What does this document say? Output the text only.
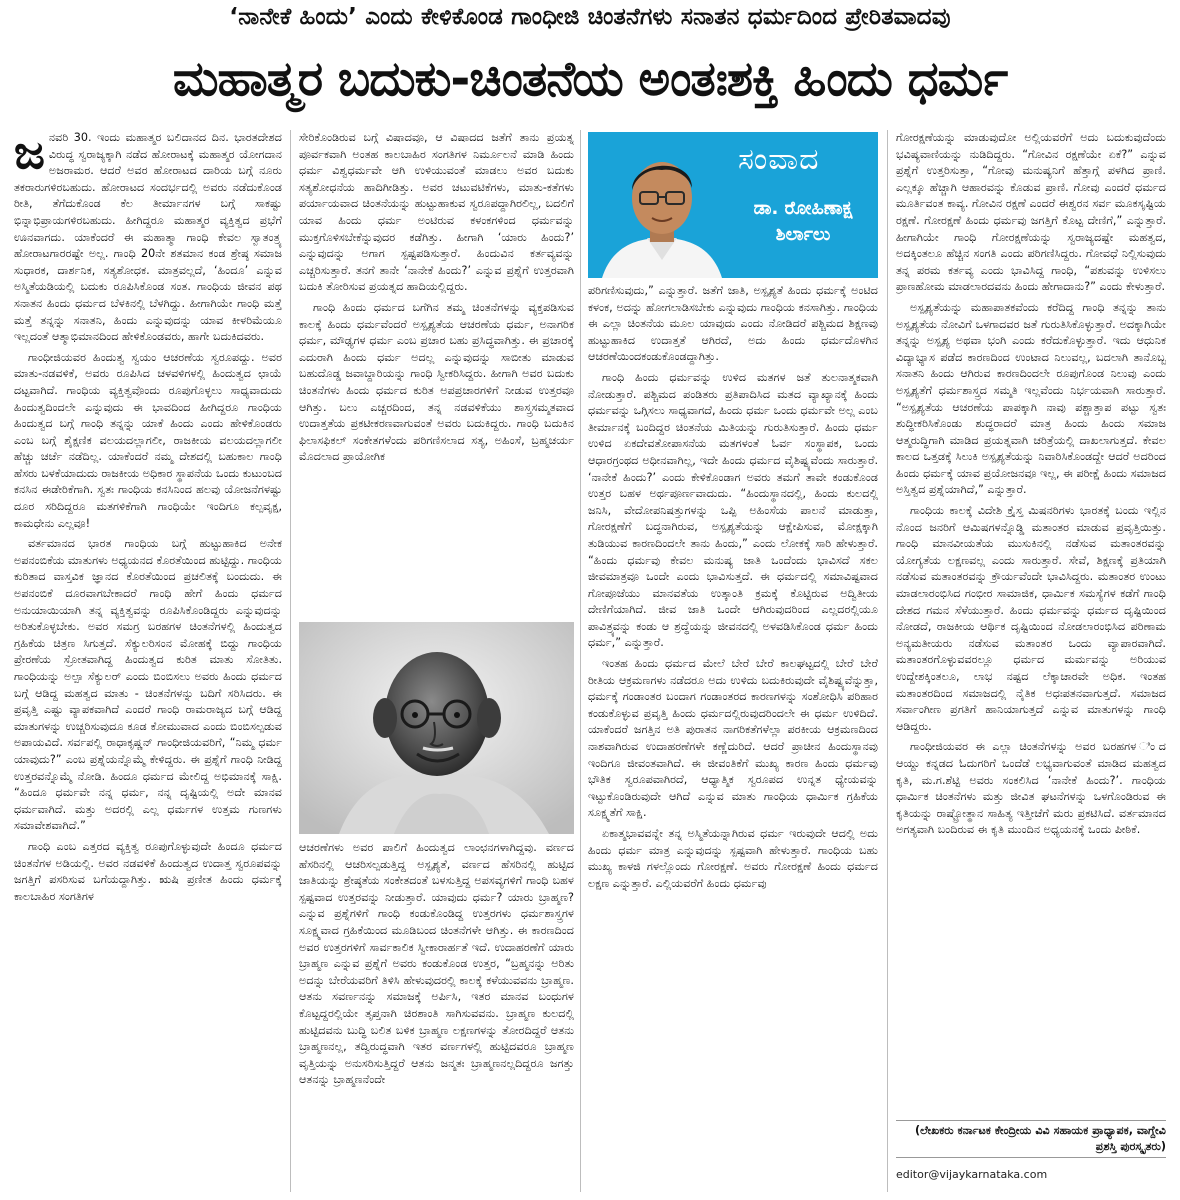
‘ನಾನೇಕೆ ಹಿಂದು’ ಎಂದು ಕೇಳಿಕೊಂಡ ಗಾಂಧೀಜಿ ಚಿಂತನೆಗಳು ಸನಾತನ ಧರ್ಮದಿಂದ ಪ್ರೇರಿತವಾದವು
ಮಹಾತ್ಮರ ಬದುಕು-ಚಿಂತನೆಯ ಅಂತಃಶಕ್ತಿ ಹಿಂದು ಧರ್ಮ
ಜ ನವರಿ 30. ಇಂದು ಮಹಾತ್ಮರ ಬಲಿದಾನದ ದಿನ. ಭಾರತದೇಶದ ವಿರುದ್ಧ ಸ್ವರಾಜ್ಯಕ್ಕಾಗಿ ನಡೆದ ಹೋರಾಟಕ್ಕೆ ಮಹಾತ್ಮರ ಯೋಗದಾನ ಅಜರಾಮರ. ಆದರೆ ಅವರ ಹೋರಾಟದ ದಾರಿಯ ಬಗ್ಗೆ ನೂರು ತಕರಾರುಗಳಿರಬಹುದು. ಹೋರಾಟದ ಸಂದರ್ಭದಲ್ಲಿ ಅವರು ನಡೆದುಕೊಂಡ ರೀತಿ, ತೆಗೆದುಕೊಂಡ ಕೆಲ ತೀರ್ಮಾನಗಳ ಬಗ್ಗೆ ಸಾಕಷ್ಟು ಭಿನ್ನಾಭಿಪ್ರಾಯಗಳಿರಬಹುದು. ಹೀಗಿದ್ದರೂ ಮಹಾತ್ಮರ ವ್ಯಕ್ತಿತ್ವದ ಪ್ರಭೆಗೆ ಊನವಾಗದು. ಯಾಕೆಂದರೆ ಈ ಮಹಾತ್ಮಾ ಗಾಂಧಿ ಕೇವಲ ಸ್ವಾತಂತ್ರ್ಯ ಹೋರಾಟಗಾರರಷ್ಟೇ ಅಲ್ಲ. ಗಾಂಧಿ 20ನೇ ಶತಮಾನ ಕಂಡ ಶ್ರೇಷ್ಠ ಸಮಾಜ ಸುಧಾರಕ, ದಾರ್ಶನಿಕ, ಸತ್ಯಶೋಧಕ. ಮಾತ್ರವಲ್ಲದೆ, ‘ಹಿಂದೂ’ ಎನ್ನುವ ಅಸ್ಮಿತೆಯಡಿಯಲ್ಲಿ ಬದುಕು ರೂಪಿಸಿಕೊಂಡ ಸಂತ. ಗಾಂಧಿಯ ಜೀವನ ಪಥ ಸನಾತನ ಹಿಂದು ಧರ್ಮದ ಬೆಳಕಿನಲ್ಲಿ ಬೆಳಗಿದ್ದು. ಹೀಗಾಗಿಯೇ ಗಾಂಧಿ ಮತ್ತೆ ಮತ್ತೆ ತನ್ನನ್ನು ಸನಾತನಿ, ಹಿಂದು ಎನ್ನುವುದನ್ನು ಯಾವ ಕೀಳರಿಮೆಯೂ ಇಲ್ಲದಂತೆ ಆತ್ಮಾಭಿಮಾನದಿಂದ ಹೇಳಿಕೊಂಡವರು, ಹಾಗೇ ಬದುಕಿದವರು.

ಗಾಂಧೀಜಿಯವರ ಹಿಂದುತ್ವ ಸ್ವಯಂ ಆಚರಣೆಯ ಸ್ವರೂಪದ್ದು. ಅವರ ಮಾತು-ನಡವಳಿಕೆ, ಅವರು ರೂಪಿಸಿದ ಚಳವಳಿಗಳಲ್ಲಿ ಹಿಂದುತ್ವದ ಛಾಯೆ ದಟ್ಟವಾಗಿದೆ. ಗಾಂಧಿಯ ವ್ಯಕ್ತಿತ್ವವೊಂದು ರೂಪುಗೊಳ್ಳಲು ಸಾಧ್ಯವಾದುದು ಹಿಂದುತ್ವದಿಂದಲೇ ಎನ್ನುವುದು ಈ ಭಾವದಿಂದ ಹೀಗಿದ್ದರೂ ಗಾಂಧಿಯ ಹಿಂದುತ್ವದ ಬಗ್ಗೆ ಗಾಂಧಿ ತನ್ನನ್ನು ಯಾಕೆ ಹಿಂದು ಎಂದು ಹೇಳಿಕೊಂಡರು ಎಂಬ ಬಗ್ಗೆ ಶೈಕ್ಷಣಿಕ ವಲಯದಲ್ಲಾಗಲೀ, ರಾಜಕೀಯ ವಲಯದಲ್ಲಾಗಲೀ ಹೆಚ್ಚು ಚರ್ಚೆ ನಡೆದಿಲ್ಲ. ಯಾಕೆಂದರೆ ನಮ್ಮ ದೇಶದಲ್ಲಿ ಬಹುಕಾಲ ಗಾಂಧಿ ಹೆಸರು ಬಳಕೆಯಾದುದು ರಾಜಕೀಯ ಅಧಿಕಾರ ಸ್ಥಾಪನೆಯ ಒಂದು ಕುಟುಂಬದ ಕನಸಿನ ಈಡೇರಿಕೆಗಾಗಿ. ಸ್ವತಃ ಗಾಂಧಿಯ ಕನಸಿನಿಂದ ಹಲವು ಯೋಜನೆಗಳಷ್ಟು ದೂರ ಸರಿದಿದ್ದರೂ ಮತಗಳಿಕೆಗಾಗಿ ಗಾಂಧಿಯೇ ಇಂದಿಗೂ ಕಲ್ಪವೃಕ್ಷ, ಕಾಮಧೇನು ಎಲ್ಲವೂ!

ವರ್ತಮಾನದ ಭಾರತ ಗಾಂಧಿಯ ಬಗ್ಗೆ ಹುಟ್ಟುಹಾಕಿದ ಅನೇಕ ಅಪನಂಬಿಕೆಯ ಮಾತುಗಳು ಅಧ್ಯಯನದ ಕೊರತೆಯಿಂದ ಹುಟ್ಟಿದ್ದು. ಗಾಂಧಿಯ ಕುರಿತಾದ ವಾಸ್ತವಿಕ ಜ್ಞಾನದ ಕೊರತೆಯಿಂದ ಪ್ರಚಲಿತಕ್ಕೆ ಬಂದುದು. ಈ ಅಪನಂಬಿಕೆ ದೂರವಾಗಬೇಕಾದರೆ ಗಾಂಧಿ ಹೇಗೆ ಹಿಂದು ಧರ್ಮದ ಅನುಯಾಯಿಯಾಗಿ ತನ್ನ ವ್ಯಕ್ತಿತ್ವವನ್ನು ರೂಪಿಸಿಕೊಂಡಿದ್ದರು ಎನ್ನುವುದನ್ನು ಅರಿತುಕೊಳ್ಳಬೇಕು. ಅವರ ಸಮಗ್ರ ಬರಹಗಳ ಚಿಂತನೆಗಳಲ್ಲಿ ಹಿಂದುತ್ವದ ಗ್ರಹಿಕೆಯ ಚಿತ್ರಣ ಸಿಗುತ್ತದೆ. ಸೆಕ್ಯುಲರಿಸಂನ ಮೋಹಕ್ಕೆ ಬಿದ್ದು ಗಾಂಧಿಯ ಪ್ರೇರಣೆಯ ಸ್ರೋತವಾಗಿದ್ದ ಹಿಂದುತ್ವದ ಕುರಿತ ಮಾತು ಸೋತಿತು. ಗಾಂಧಿಯನ್ನು ಅಲ್ಪಾ ಸೆಕ್ಯುಲರ್ ಎಂದು ಬಿಂಬಿಸಲು ಅವರು ಹಿಂದು ಧರ್ಮದ ಬಗ್ಗೆ ಆಡಿದ್ದ ಮಹತ್ವದ ಮಾತು - ಚಿಂತನೆಗಳನ್ನು ಬದಿಗೆ ಸರಿಸಿದರು. ಈ ಪ್ರವೃತ್ತಿ ಎಷ್ಟು ವ್ಯಾಪಕವಾಗಿದೆ ಎಂದರೆ ಗಾಂಧಿ ರಾಮರಾಜ್ಯದ ಬಗ್ಗೆ ಆಡಿದ್ದ ಮಾತುಗಳನ್ನು ಉಚ್ಚರಿಸುವುದೂ ಕೂಡ ಕೋಮುವಾದ ಎಂದು ಬಿಂಬಿಸಲ್ಪಡುವ ಅಪಾಯವಿದೆ. ಸರ್ವಪಲ್ಲಿ ರಾಧಾಕೃಷ್ಣನ್ ಗಾಂಧೀಜಿಯವರಿಗೆ, “ನಿಮ್ಮ ಧರ್ಮ ಯಾವುದು?” ಎಂಬ ಪ್ರಶ್ನೆಯನ್ನೊಮ್ಮೆ ಕೇಳಿದ್ದರು. ಈ ಪ್ರಶ್ನೆಗೆ ಗಾಂಧಿ ನೀಡಿದ್ದ ಉತ್ತರವನ್ನೊಮ್ಮೆ ನೋಡಿ. ಹಿಂದೂ ಧರ್ಮದ ಮೇಲಿದ್ದ ಅಭಿಮಾನಕ್ಕೆ ಸಾಕ್ಷಿ. “ಹಿಂದೂ ಧರ್ಮವೇ ನನ್ನ ಧರ್ಮ, ನನ್ನ ದೃಷ್ಟಿಯಲ್ಲಿ ಅದೇ ಮಾನವ ಧರ್ಮವಾಗಿದೆ. ಮತ್ತು ಅದರಲ್ಲಿ ಎಲ್ಲ ಧರ್ಮಗಳ ಉತ್ತಮ ಗುಣಗಳು ಸಮಾವೇಶವಾಗಿದೆ.”

ಗಾಂಧಿ ಎಂಬ ಎತ್ತರದ ವ್ಯಕ್ತಿತ್ವ ರೂಪುಗೊಳ್ಳುವುದೇ ಹಿಂದೂ ಧರ್ಮದ ಚಿಂತನೆಗಳ ಅಡಿಯಲ್ಲಿ. ಅವರ ನಡವಳಿಕೆ ಹಿಂದುತ್ವದ ಉದಾತ್ತ ಸ್ವರೂಪವನ್ನು ಜಗತ್ತಿಗೆ ಪಸರಿಸುವ ಬಗೆಯದ್ದಾಗಿತ್ತು. ಋಷಿ ಪ್ರಣೀತ ಹಿಂದು ಧರ್ಮಕ್ಕೆ ಕಾಲಬಾಹಿರ ಸಂಗತಿಗಳ

ಸೇರಿಕೊಂಡಿರುವ ಬಗ್ಗೆ ವಿಷಾದವೂ, ಆ ವಿಷಾದದ ಜತೆಗೆ ತಾನು ಪ್ರಯತ್ನ ಪೂರ್ವಕವಾಗಿ ಅಂತಹ ಕಾಲಬಾಹಿರ ಸಂಗತಿಗಳ ನಿರ್ಮೂಲನೆ ಮಾಡಿ ಹಿಂದು ಧರ್ಮ ವಿಶ್ವಧರ್ಮವೇ ಆಗಿ ಉಳಿಯುವಂತೆ ಮಾಡಲು ಅವರ ಬದುಕು ಸತ್ಯಶೋಧನೆಯ ಹಾದಿಗೀಡಿತ್ತು. ಅವರ ಚಟುವಟಿಕೆಗಳು, ಮಾತು-ಕತೆಗಳು ಪರ್ಯಾಯವಾದ ಚಿಂತನೆಯನ್ನು ಹುಟ್ಟುಹಾಕುವ ಸ್ವರೂಪದ್ದಾಗಿರಲಿಲ್ಲ, ಬದಲಿಗೆ ಯಾವ ಹಿಂದು ಧರ್ಮ ಅಂಟಿರುವ ಕಳಂಕಗಳಿಂದ ಧರ್ಮವನ್ನು ಮುಕ್ತಗೊಳಿಸಬೇಕೆನ್ನುವುದರ ಕಡೆಗಿತ್ತು. ಹೀಗಾಗಿ ‘ಯಾರು ಹಿಂದು?’ ಎನ್ನುವುದನ್ನು ಅಗಾಗ ಸ್ಪಷ್ಟಪಡಿಸುತ್ತಾರೆ. ಹಿಂದುವಿನ ಕರ್ತವ್ಯವನ್ನು ಎಚ್ಚರಿಸುತ್ತಾರೆ. ತನಗೆ ತಾನೇ ‘ನಾನೇಕೆ ಹಿಂದು?’ ಎನ್ನುವ ಪ್ರಶ್ನೆಗೆ ಉತ್ತರವಾಗಿ ಬದುಕಿ ತೋರಿಸುವ ಪ್ರಯತ್ನದ ಹಾದಿಯಲ್ಲಿದ್ದರು.

ಗಾಂಧಿ ಹಿಂದು ಧರ್ಮದ ಬಗೆಗಿನ ತಮ್ಮ ಚಿಂತನೆಗಳನ್ನು ವ್ಯಕ್ತಪಡಿಸುವ ಕಾಲಕ್ಕೆ ಹಿಂದು ಧರ್ಮವೆಂದರೆ ಅಸ್ಪೃಶ್ಯತೆಯ ಆಚರಣೆಯ ಧರ್ಮ, ಅನಾಗರಿಕ ಧರ್ಮ, ಮೌಢ್ಯಗಳ ಧರ್ಮ ಎಂಬ ಪ್ರಚಾರ ಬಹು ಪ್ರಸಿದ್ಧವಾಗಿತ್ತು. ಈ ಪ್ರಚಾರಕ್ಕೆ ಎದುರಾಗಿ ಹಿಂದು ಧರ್ಮ ಅದಲ್ಲ ಎನ್ನುವುದನ್ನು ಸಾಬೀತು ಮಾಡುವ ಬಹುದೊಡ್ಡ ಜವಾಬ್ದಾರಿಯನ್ನು ಗಾಂಧಿ ಸ್ವೀಕರಿಸಿದ್ದರು. ಹೀಗಾಗಿ ಅವರ ಬದುಕು ಚಿಂತನೆಗಳು ಹಿಂದು ಧರ್ಮದ ಕುರಿತ ಅಪಪ್ರಚಾರಗಳಿಗೆ ನೀಡುವ ಉತ್ತರವೂ ಆಗಿತ್ತು. ಬಲು ಎಚ್ಚರದಿಂದ, ತನ್ನ ನಡವಳಿಕೆಯು ಶಾಸ್ತ್ರಸಮ್ಮತವಾದ ಉದಾತ್ತತೆಯ ಪ್ರಕಟೀಕರಣವಾಗುವಂತೆ ಅವರು ಬದುಕಿದ್ದರು. ಗಾಂಧಿ ಬದುಕಿನ ಫಿಲಾಸಫಿಕಲ್ ಸಂಕೇತಗಳೆಂದು ಪರಿಗಣಿಸಲಾದ ಸತ್ಯ, ಅಹಿಂಸೆ, ಬ್ರಹ್ಮಚರ್ಯ ಮೊದಲಾದ ಪ್ರಾಯೋಗಿಕ

ಆಚರಣೆಗಳು ಅವರ ಪಾಲಿಗೆ ಹಿಂದುತ್ವದ ಲಾಂಛನಗಳಾಗಿದ್ದವು. ವರ್ಣದ ಹೆಸರಿನಲ್ಲಿ ಆಚರಿಸಲ್ಪಡುತ್ತಿದ್ದ ಅಸ್ಪೃಶ್ಯತೆ, ವರ್ಣದ ಹೆಸರಿನಲ್ಲಿ ಹುಟ್ಟಿದ ಜಾತಿಯನ್ನು ಶ್ರೇಷ್ಠತೆಯ ಸಂಕೇತದಂತೆ ಬಳಸುತ್ತಿದ್ದ ಅಪಸವ್ಯಗಳಿಗೆ ಗಾಂಧಿ ಬಹಳ ಸ್ಪಷ್ಟವಾದ ಉತ್ತರವನ್ನು ನೀಡುತ್ತಾರೆ. ಯಾವುದು ಧರ್ಮ? ಯಾರು ಬ್ರಾಹ್ಮಣ? ಎನ್ನುವ ಪ್ರಶ್ನೆಗಳಿಗೆ ಗಾಂಧಿ ಕಂಡುಕೊಂಡಿದ್ದ ಉತ್ತರಗಳು ಧರ್ಮಶಾಸ್ತ್ರಗಳ ಸೂಕ್ಷ್ಮವಾದ ಗ್ರಹಿಕೆಯಿಂದ ಮೂಡಿಬಂದ ಚಿಂತನೆಗಳೇ ಆಗಿತ್ತು. ಈ ಕಾರಣದಿಂದ ಅವರ ಉತ್ತರಗಳಿಗೆ ಸಾರ್ವಕಾಲಿಕ ಸ್ವೀಕಾರಾರ್ಹತೆ ಇದೆ. ಉದಾಹರಣೆಗೆ ಯಾರು ಬ್ರಾಹ್ಮಣ ಎನ್ನುವ ಪ್ರಶ್ನೆಗೆ ಅವರು ಕಂಡುಕೊಂಡ ಉತ್ತರ, “ಬ್ರಹ್ಮನನ್ನು ಅರಿತು ಅದನ್ನು ಬೇರೆಯವರಿಗೆ ತಿಳಿಸಿ ಹೇಳುವುದರಲ್ಲಿ ಕಾಲಕ್ಕೆ ಕಳೆಯುವವನು ಬ್ರಾಹ್ಮಣ. ಆತನು ಸವರ್ಣನನ್ನು ಸಮಾಜಕ್ಕೆ ಅರ್ಪಿಸಿ, ಇತರ ಮಾನವ ಬಂಧುಗಳ ಕೊಟ್ಟದ್ದರಲ್ಲಿಯೇ ತೃಪ್ತನಾಗಿ ಚಿರಶಾಂತಿ ಸಾಗಿಸುವವನು. ಬ್ರಾಹ್ಮಣ ಕುಲದಲ್ಲಿ ಹುಟ್ಟಿದವನು ಬುದ್ಧಿ ಬಲಿತ ಬಳಿಕ ಬ್ರಾಹ್ಮಣ ಲಕ್ಷಣಗಳನ್ನು ತೋರದಿದ್ದರೆ ಆತನು ಬ್ರಾಹ್ಮಣನಲ್ಲ, ತದ್ವಿರುದ್ಧವಾಗಿ ಇತರ ವರ್ಣಗಳಲ್ಲಿ ಹುಟ್ಟಿದವರೂ ಬ್ರಾಹ್ಮಣ ವೃತ್ತಿಯನ್ನು ಅನುಸರಿಸುತ್ತಿದ್ದರೆ ಆತನು ಜನ್ಮತಃ ಬ್ರಾಹ್ಮಣನಲ್ಲದಿದ್ದರೂ ಜಗತ್ತು ಆತನನ್ನು ಬ್ರಾಹ್ಮಣನೆಂದೇ

ಸಂವಾದ
ಡಾ. ರೋಹಿಣಾಕ್ಷ
ಶಿರ್ಲಾಲು

ಪರಿಗಣಿಸುವುದು,” ಎನ್ನುತ್ತಾರೆ. ಜತೆಗೆ ಜಾತಿ, ಅಸ್ಪೃಶ್ಯತೆ ಹಿಂದು ಧರ್ಮಕ್ಕೆ ಅಂಟಿದ ಕಳಂಕ, ಅದನ್ನು ಹೋಗಲಾಡಿಸಬೇಕು ಎನ್ನುವುದು ಗಾಂಧಿಯ ಕನಸಾಗಿತ್ತು. ಗಾಂಧಿಯ ಈ ಎಲ್ಲಾ ಚಿಂತನೆಯ ಮೂಲ ಯಾವುದು ಎಂದು ನೋಡಿದರೆ ಪಶ್ಚಿಮದ ಶಿಕ್ಷಣವು ಹುಟ್ಟುಹಾಕಿದ ಉದಾತ್ತತೆ ಆಗಿರದೆ, ಅದು ಹಿಂದು ಧರ್ಮದೊಳಗಿನ ಆಚರಣೆಯಿಂದಕಂಡುಕೊಂಡದ್ದಾಗಿತ್ತು.

ಗಾಂಧಿ ಹಿಂದು ಧರ್ಮವನ್ನು ಉಳಿದ ಮತಗಳ ಜತೆ ತುಲನಾತ್ಮಕವಾಗಿ ನೋಡುತ್ತಾರೆ. ಪಶ್ಚಿಮದ ಪಂಡಿತರು ಪ್ರತಿಪಾದಿಸಿದ ಮತದ ವ್ಯಾಖ್ಯಾನಕ್ಕೆ ಹಿಂದು ಧರ್ಮವನ್ನು ಒಗ್ಗಿಸಲು ಸಾಧ್ಯವಾಗದೆ, ಹಿಂದು ಧರ್ಮ ಒಂದು ಧರ್ಮವೇ ಅಲ್ಲ ಎಂಬ ತೀರ್ಮಾನಕ್ಕೆ ಬಂದಿದ್ದರ ಚಿಂತನೆಯ ಮಿತಿಯನ್ನು ಗುರುತಿಸುತ್ತಾರೆ. ಹಿಂದು ಧರ್ಮ ಉಳಿದ ಏಕದೇವತೋಪಾಸನೆಯ ಮತಗಳಂತೆ ಓರ್ವ ಸಂಸ್ಥಾಪಕ, ಒಂದು ಆಧಾರಗ್ರಂಥದ ಅಧೀನವಾಗಿಲ್ಲ, ಇದೇ ಹಿಂದು ಧರ್ಮದ ವೈಶಿಷ್ಟ್ಯವೆಂದು ಸಾರುತ್ತಾರೆ. ‘ನಾನೇಕೆ ಹಿಂದು?’ ಎಂದು ಕೇಳಿಕೊಂಡಾಗ ಅವರು ತಮಗೆ ತಾವೇ ಕಂಡುಕೊಂಡ ಉತ್ತರ ಬಹಳ ಅರ್ಥಪೂರ್ಣವಾದುದು. “ಹಿಂದುಸ್ಥಾನದಲ್ಲಿ, ಹಿಂದು ಕುಲದಲ್ಲಿ ಜನಿಸಿ, ವೇದೋಪನಿಷತ್ತುಗಳನ್ನು ಒಪ್ಪಿ ಅಹಿಂಸೆಯ ಪಾಲನೆ ಮಾಡುತ್ತಾ, ಗೋರಕ್ಷಣೆಗೆ ಬದ್ಧನಾಗಿರುವ, ಅಸ್ಪೃಶ್ಯತೆಯನ್ನು ಆಕ್ಷೇಪಿಸುವ, ಮೋಕ್ಷಕ್ಕಾಗಿ ತುಡಿಯುವ ಕಾರಣದಿಂದಲೇ ತಾನು ಹಿಂದು,” ಎಂದು ಲೋಕಕ್ಕೆ ಸಾರಿ ಹೇಳುತ್ತಾರೆ. “ಹಿಂದು ಧರ್ಮವು ಕೇವಲ ಮನುಷ್ಯ ಜಾತಿ ಒಂದೆಂದು ಭಾವಿಸದೆ ಸಕಲ ಜೀವಮಾತ್ರವೂ ಒಂದೇ ಎಂದು ಭಾವಿಸುತ್ತದೆ. ಈ ಧರ್ಮದಲ್ಲಿ ಸಮಾವಿಷ್ಟವಾದ ಗೋಪೂಜೆಯು ಮಾನವತೆಯ ಉತ್ಕಾಂತಿ ಕ್ರಮಕ್ಕೆ ಕೊಟ್ಟಿರುವ ಅದ್ವಿತೀಯ ದೇಣಿಗೆಯಾಗಿದೆ. ಜೀವ ಜಾತಿ ಒಂದೇ ಆಗಿರುವುದರಿಂದ ಎಲ್ಲದರಲ್ಲಿಯೂ ಪಾವಿತ್ರ್ಯವನ್ನು ಕಂಡು ಆ ಶ್ರದ್ಧೆಯನ್ನು ಜೀವನದಲ್ಲಿ ಅಳವಡಿಸಿಕೊಂಡ ಧರ್ಮ ಹಿಂದು ಧರ್ಮ,” ಎನ್ನುತ್ತಾರೆ.

ಇಂತಹ ಹಿಂದು ಧರ್ಮದ ಮೇಲೆ ಬೇರೆ ಬೇರೆ ಕಾಲಘಟ್ಟದಲ್ಲಿ ಬೇರೆ ಬೇರೆ ರೀತಿಯ ಆಕ್ರಮಣಗಳು ನಡೆದರೂ ಅದು ಉಳಿದು ಬದುಕಿರುವುದೇ ವೈಶಿಷ್ಟ್ಯವೆನ್ನುತ್ತಾ, ಧರ್ಮಕ್ಕೆ ಗಂಡಾಂತರ ಬಂದಾಗ ಗಂಡಾಂತರದ ಕಾರಣಗಳನ್ನು ಸಂಶೋಧಿಸಿ ಪರಿಹಾರ ಕಂಡುಕೊಳ್ಳುವ ಪ್ರವೃತ್ತಿ ಹಿಂದು ಧರ್ಮದಲ್ಲಿರುವುದರಿಂದಲೇ ಈ ಧರ್ಮ ಉಳಿದಿದೆ. ಯಾಕೆಂದರೆ ಜಗತ್ತಿನ ಅತಿ ಪುರಾತನ ನಾಗರಿಕತೆಗಳೆಲ್ಲಾ ಪರಕೀಯ ಆಕ್ರಮಣದಿಂದ ನಾಶವಾಗಿರುವ ಉದಾಹರಣೆಗಳೇ ಕಣ್ಣೆದುರಿದೆ. ಆದರೆ ಪ್ರಾಚೀನ ಹಿಂದುಸ್ಥಾನವು ಇಂದಿಗೂ ಜೀವಂತವಾಗಿದೆ. ಈ ಜೀವಂತಿಕೆಗೆ ಮುಖ್ಯ ಕಾರಣ ಹಿಂದು ಧರ್ಮವು ಭೌತಿಕ ಸ್ವರೂಪವಾಗಿರದೆ, ಆಧ್ಯಾತ್ಮಿಕ ಸ್ವರೂಪದ ಉನ್ನತ ಧ್ಯೇಯವನ್ನು ಇಟ್ಟುಕೊಂಡಿರುವುದೇ ಆಗಿದೆ ಎನ್ನುವ ಮಾತು ಗಾಂಧಿಯ ಧಾರ್ಮಿಕ ಗ್ರಹಿಕೆಯ ಸೂಕ್ಷ್ಮತೆಗೆ ಸಾಕ್ಷಿ.

ಏಕಾತ್ಮಭಾವವನ್ನೇ ತನ್ನ ಅಸ್ಮಿತೆಯನ್ನಾಗಿರುವ ಧರ್ಮ ಇರುವುದೇ ಆದಲ್ಲಿ ಅದು ಹಿಂದು ಧರ್ಮ ಮಾತ್ರ ಎನ್ನುವುದನ್ನು ಸ್ಪಷ್ಟವಾಗಿ ಹೇಳುತ್ತಾರೆ. ಗಾಂಧಿಯ ಬಹು ಮುಖ್ಯ ಕಾಳಜಿ ಗಳಲ್ಲೊಂದು ಗೋರಕ್ಷಣೆ. ಅವರು ಗೋರಕ್ಷಣೆ ಹಿಂದು ಧರ್ಮದ ಲಕ್ಷಣ ಎನ್ನುತ್ತಾರೆ. ಎಲ್ಲಿಯವರೆಗೆ ಹಿಂದು ಧರ್ಮವು

ಗೋರಕ್ಷಣೆಯನ್ನು ಮಾಡುವುದೋ ಅಲ್ಲಿಯವರೆಗೆ ಅದು ಬದುಕುವುದೆಂದು ಭವಿಷ್ಯವಾಣಿಯನ್ನು ನುಡಿದಿದ್ದರು. “ಗೋವಿನ ರಕ್ಷಣೆಯೇ ಏಕೆ?” ಎನ್ನುವ ಪ್ರಶ್ನೆಗೆ ಉತ್ತರಿಸುತ್ತಾ, “ಗೋವು ಮನುಷ್ಯನಿಗೆ ಹೆತ್ತಾಗ್ಗೆ ಪಳಗಿದ ಪ್ರಾಣಿ. ಎಲ್ಲಕ್ಕೂ ಹೆಚ್ಚಾಗಿ ಆಹಾರವನ್ನು ಕೊಡುವ ಪ್ರಾಣಿ. ಗೋವು ಎಂದರೆ ಧರ್ಮದ ಮೂರ್ತಿವಂತ ಕಾವ್ಯ. ಗೋವಿನ ರಕ್ಷಣೆ ಎಂದರೆ ಈಶ್ವರನ ಸರ್ವ ಮೂಕಸೃಷ್ಟಿಯ ರಕ್ಷಣೆ. ಗೋರಕ್ಷಣೆ ಹಿಂದು ಧರ್ಮವು ಜಗತ್ತಿಗೆ ಕೊಟ್ಟ ದೇಣಿಗೆ,” ಎನ್ನುತ್ತಾರೆ. ಹೀಗಾಗಿಯೇ ಗಾಂಧಿ ಗೋರಕ್ಷಣೆಯನ್ನು ಸ್ವರಾಜ್ಯದಷ್ಟೇ ಮಹತ್ವದ, ಅದಕ್ಕಿಂತಲೂ ಹೆಚ್ಚಿನ ಸಂಗತಿ ಎಂದು ಪರಿಗಣಿಸಿದ್ದರು. ಗೋವಧೆ ನಿಲ್ಲಿಸುವುದು ತನ್ನ ಪರಮ ಕರ್ತವ್ಯ ಎಂದು ಭಾವಿಸಿದ್ದ ಗಾಂಧಿ, “ಪಶುವನ್ನು ಉಳಿಸಲು ಪ್ರಾಣಹೋಮ ಮಾಡಲಾರದವನು ಹಿಂದು ಹೇಗಾದಾನು?” ಎಂದು ಕೇಳುತ್ತಾರೆ.

ಅಸ್ಪೃಶ್ಯತೆಯನ್ನು ಮಹಾಪಾತಕವೆಂದು ಕರೆದಿದ್ದ ಗಾಂಧಿ ತನ್ನನ್ನು ತಾನು ಅಸ್ಪೃಶ್ಯತೆಯ ನೋವಿಗೆ ಒಳಗಾದವರ ಜತೆ ಗುರುತಿಸಿಕೊಳ್ಳುತ್ತಾರೆ. ಅದಕ್ಕಾಗಿಯೇ ತನ್ನನ್ನು ಅಸ್ಪೃಶ್ಯ ಅಥವಾ ಭಂಗಿ ಎಂದು ಕರೆದುಕೊಳ್ಳುತ್ತಾರೆ. ಇದು ಆಧುನಿಕ ವಿದ್ಯಾಭ್ಯಾಸ ಪಡೆದ ಕಾರಣದಿಂದ ಉಂಟಾದ ನಿಲುವಲ್ಲ, ಬದಲಾಗಿ ತಾನೊಬ್ಬ ಸನಾತನಿ ಹಿಂದು ಆಗಿರುವ ಕಾರಣದಿಂದಲೇ ರೂಪುಗೊಂಡ ನಿಲುವು ಎಂದು ಅಸ್ಪೃಶ್ಯತೆಗೆ ಧರ್ಮಶಾಸ್ತ್ರದ ಸಮ್ಮತಿ ಇಲ್ಲವೆಂದು ನಿರ್ಭಯವಾಗಿ ಸಾರುತ್ತಾರೆ. “ಅಸ್ಪೃಶ್ಯತೆಯ ಆಚರಣೆಯ ಪಾಪಕ್ಕಾಗಿ ನಾವು ಪಶ್ಚಾತ್ತಾಪ ಪಟ್ಟು ಸ್ವತಃ ಶುದ್ಧೀಕರಿಸಿಕೊಂಡು ಶುದ್ಧರಾದರೆ ಮಾತ್ರ ಹಿಂದು ಹಿಂದು ಸಮಾಜ ಆತ್ಮರುದ್ಧಿಗಾಗಿ ಮಾಡಿದ ಪ್ರಯತ್ನವಾಗಿ ಚರಿತ್ರೆಯಲ್ಲಿ ದಾಖಲಾಗುತ್ತದೆ. ಕೇವಲ ಕಾಲದ ಒತ್ತಡಕ್ಕೆ ಸಿಲುಕಿ ಅಸ್ಪೃಶ್ಯತೆಯನ್ನು ನಿವಾರಿಸಿಕೊಂಡದ್ದೇ ಆದರೆ ಅದರಿಂದ ಹಿಂದು ಧರ್ಮಕ್ಕೆ ಯಾವ ಪ್ರಯೋಜನವೂ ಇಲ್ಲ, ಈ ಪರೀಕ್ಷೆ ಹಿಂದು ಸಮಾಜದ ಅಸ್ತಿತ್ವದ ಪ್ರಶ್ನೆಯಾಗಿದೆ,” ಎನ್ನುತ್ತಾರೆ.

ಗಾಂಧಿಯ ಕಾಲಕ್ಕೆ ವಿದೇಶಿ ಕ್ರೈಸ್ತ ಮಿಷನರಿಗಳು ಭಾರತಕ್ಕೆ ಬಂದು ಇಲ್ಲಿನ ನೊಂದ ಜನರಿಗೆ ಆಮಿಷಗಳನ್ನೊಡ್ಡಿ ಮತಾಂತರ ಮಾಡುವ ಪ್ರವೃತ್ತಿಯಿತ್ತು. ಗಾಂಧಿ ಮಾನವೀಯತೆಯ ಮುಸುಕಿನಲ್ಲಿ ನಡೆಸುವ ಮತಾಂತರವನ್ನು ಯೋಗ್ಯತೆಯ ಲಕ್ಷಣವಲ್ಲ ಎಂದು ಸಾರುತ್ತಾರೆ. ಸೇವೆ, ಶಿಕ್ಷಣಕ್ಕೆ ಪ್ರತಿಯಾಗಿ ನಡೆಸುವ ಮತಾಂತರವನ್ನು ಕ್ರೌರ್ಯವೆಂದೇ ಭಾವಿಸಿದ್ದರು. ಮತಾಂತರ ಉಂಟು ಮಾಡಲಾರಂಭಿಸಿದ ಗಂಭೀರ ಸಾಮಾಜಿಕ, ಧಾರ್ಮಿಕ ಸಮಸ್ಯೆಗಳ ಕಡೆಗೆ ಗಾಂಧಿ ದೇಶದ ಗಮನ ಸೆಳೆಯುತ್ತಾರೆ. ಹಿಂದು ಧರ್ಮವನ್ನು ಧರ್ಮದ ದೃಷ್ಟಿಯಿಂದ ನೋಡದೆ, ರಾಜಕೀಯ ಆರ್ಥಿಕ ದೃಷ್ಟಿಯಿಂದ ನೋಡಲಾರಂಭಿಸಿದ ಪರಿಣಾಮ ಅನ್ಯಮತೀಯರು ನಡೆಸುವ ಮತಾಂತರ ಒಂದು ವ್ಯಾಪಾರವಾಗಿದೆ. ಮತಾಂತರಗೊಳ್ಳುವವರಲ್ಲೂ ಧರ್ಮದ ಮರ್ಮವನ್ನು ಅರಿಯುವ ಉದ್ದೇಶಕ್ಕಿಂತಲೂ, ಲಾಭ ನಷ್ಟದ ಲೆಕ್ಕಾಚಾರವೇ ಅಧಿಕ. ಇಂತಹ ಮತಾಂತರದಿಂದ ಸಮಾಜದಲ್ಲಿ ನೈತಿಕ ಅಧಃಪತನವಾಗುತ್ತದೆ. ಸಮಾಜದ ಸರ್ವಾಂಗೀಣ ಪ್ರಗತಿಗೆ ಹಾನಿಯಾಗುತ್ತದೆ ಎನ್ನುವ ಮಾತುಗಳನ್ನು ಗಾಂಧಿ ಆಡಿದ್ದರು.

ಗಾಂಧೀಜಿಯವರ ಈ ಎಲ್ಲಾ ಚಿಂತನೆಗಳನ್ನು ಅವರ ಬರಹಗಳ ಿಂದ ಆಯ್ದು ಕನ್ನಡದ ಓದುಗರಿಗೆ ಒಂದೆಡೆ ಲಭ್ಯವಾಗುವಂತೆ ಮಾಡಿದ ಮಹತ್ವದ ಕೃತಿ, ಮ.ಗ.ಶೆಟ್ಟಿ ಅವರು ಸಂಕಲಿಸಿದ ‘ನಾನೇಕೆ ಹಿಂದು?’. ಗಾಂಧಿಯ ಧಾರ್ಮಿಕ ಚಿಂತನೆಗಳು ಮತ್ತು ಜೀವಿತ ಘಟನೆಗಳನ್ನು ಒಳಗೊಂಡಿರುವ ಈ ಕೃತಿಯನ್ನು ರಾಷ್ಟ್ರೋತ್ಥಾನ ಸಾಹಿತ್ಯ ಇತ್ತೀಚೆಗೆ ಮರು ಪ್ರಕಟಿಸಿದೆ. ವರ್ತಮಾನದ ಅಗತ್ಯವಾಗಿ ಬಂದಿರುವ ಈ ಕೃತಿ ಮುಂದಿನ ಅಧ್ಯಯನಕ್ಕೆ ಒಂದು ಪೀಠಿಕೆ.

(ಲೇಖಕರು ಕರ್ನಾಟಕ ಕೇಂದ್ರೀಯ ವಿವಿ ಸಹಾಯಕ ಪ್ರಾಧ್ಯಾಪಕ, ವಾಗ್ದೇವಿ ಪ್ರಶಸ್ತಿ ಪುರಸ್ಕೃತರು)
editor@vijaykarnataka.com
